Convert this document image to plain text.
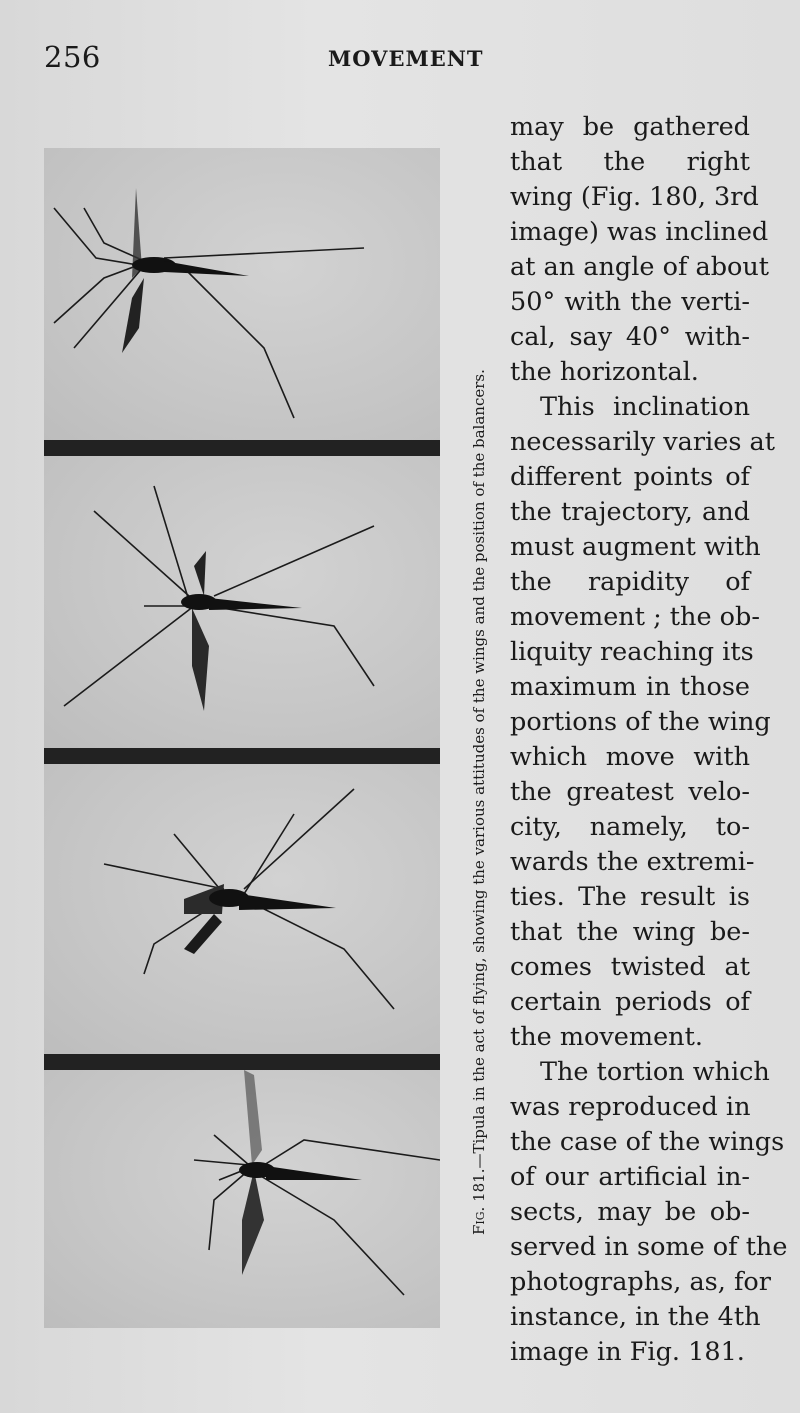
256	MOVEMENT
Fig. 181.—Tipula in the act of flying, showing the various attitudes of the wings and the position of the balancers.
may be gathered
that the right
wing (Fig. 180, 3rd
image) was inclined
at an angle of about
50° with the verti-
cal, say 40° with-
the horizontal.
This inclination
necessarily varies at
different points of
the trajectory, and
must augment with
the rapidity of
movement ; the ob-
liquity reaching its
maximum in those
portions of the wing
which move with
the greatest velo-
city, namely, to-
wards the extremi-
ties. The result is
that the wing be-
comes twisted at
certain periods of
the movement.
The tortion which
was reproduced in
the case of the wings
of our artificial in-
sects, may be ob-
served in some of the
photographs, as, for
instance, in the 4th
image in Fig. 181.
